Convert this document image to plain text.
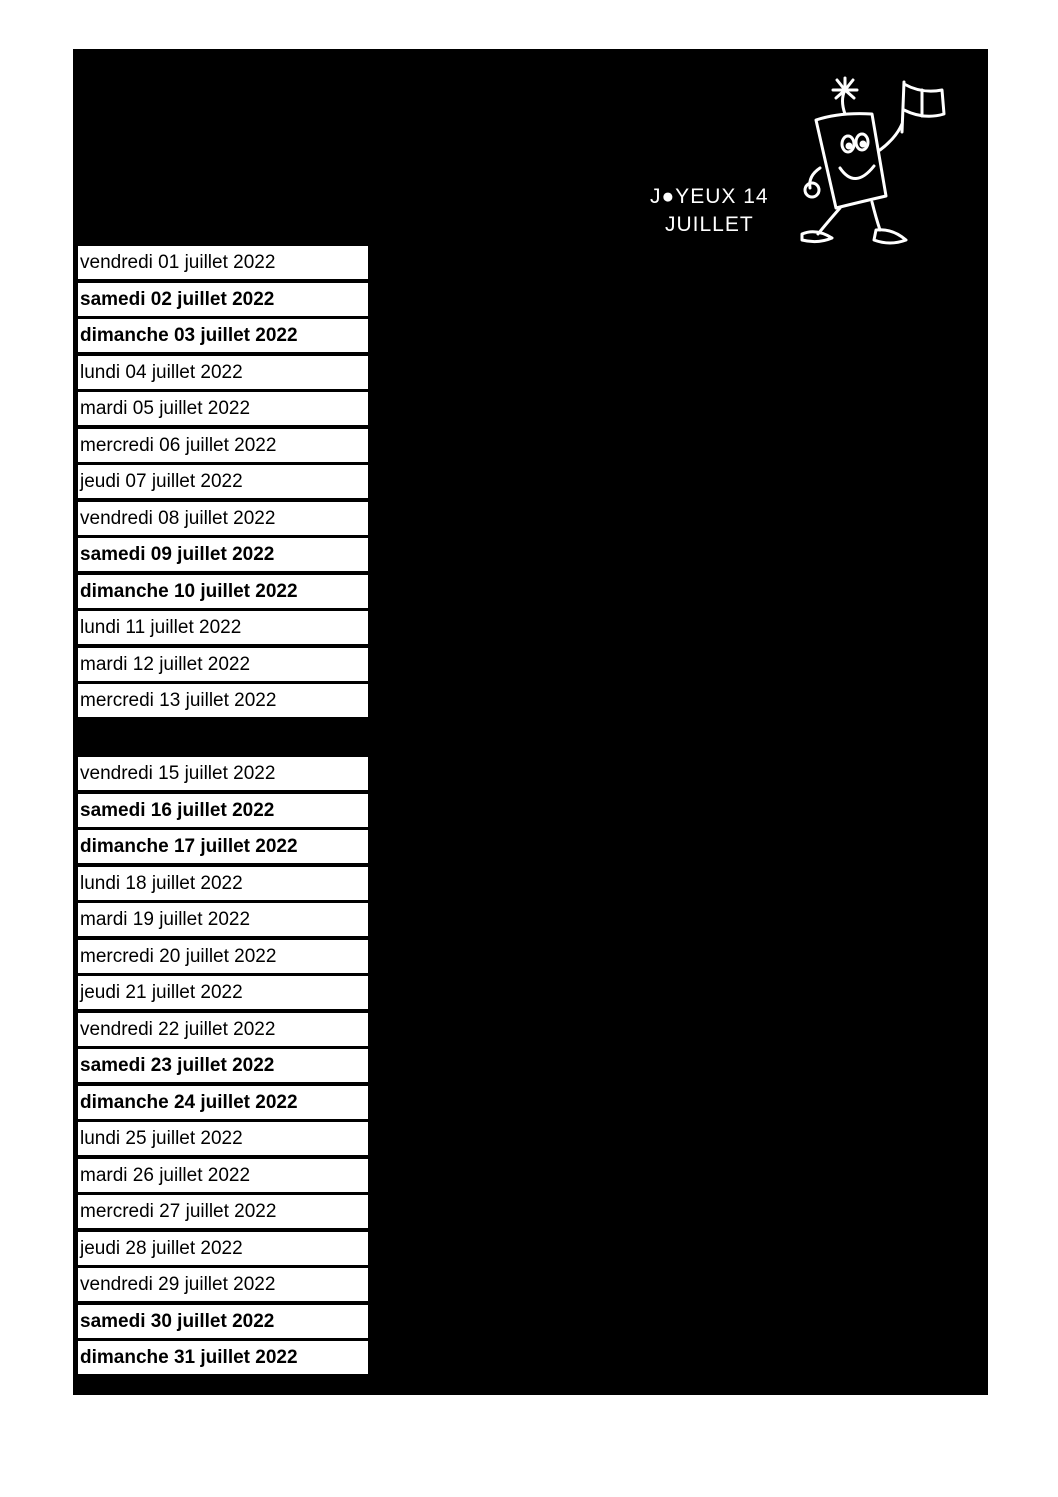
J●YEUX 14
JUILLET
vendredi 01 juillet 2022
samedi 02 juillet 2022
dimanche 03 juillet 2022
lundi 04 juillet 2022
mardi 05 juillet 2022
mercredi 06 juillet 2022
jeudi 07 juillet 2022
vendredi 08 juillet 2022
samedi 09 juillet 2022
dimanche 10 juillet 2022
lundi 11 juillet 2022
mardi 12 juillet 2022
mercredi 13 juillet 2022
vendredi 15 juillet 2022
samedi 16 juillet 2022
dimanche 17 juillet 2022
lundi 18 juillet 2022
mardi 19 juillet 2022
mercredi 20 juillet 2022
jeudi 21 juillet 2022
vendredi 22 juillet 2022
samedi 23 juillet 2022
dimanche 24 juillet 2022
lundi 25 juillet 2022
mardi 26 juillet 2022
mercredi 27 juillet 2022
jeudi 28 juillet 2022
vendredi 29 juillet 2022
samedi 30 juillet 2022
dimanche 31 juillet 2022
